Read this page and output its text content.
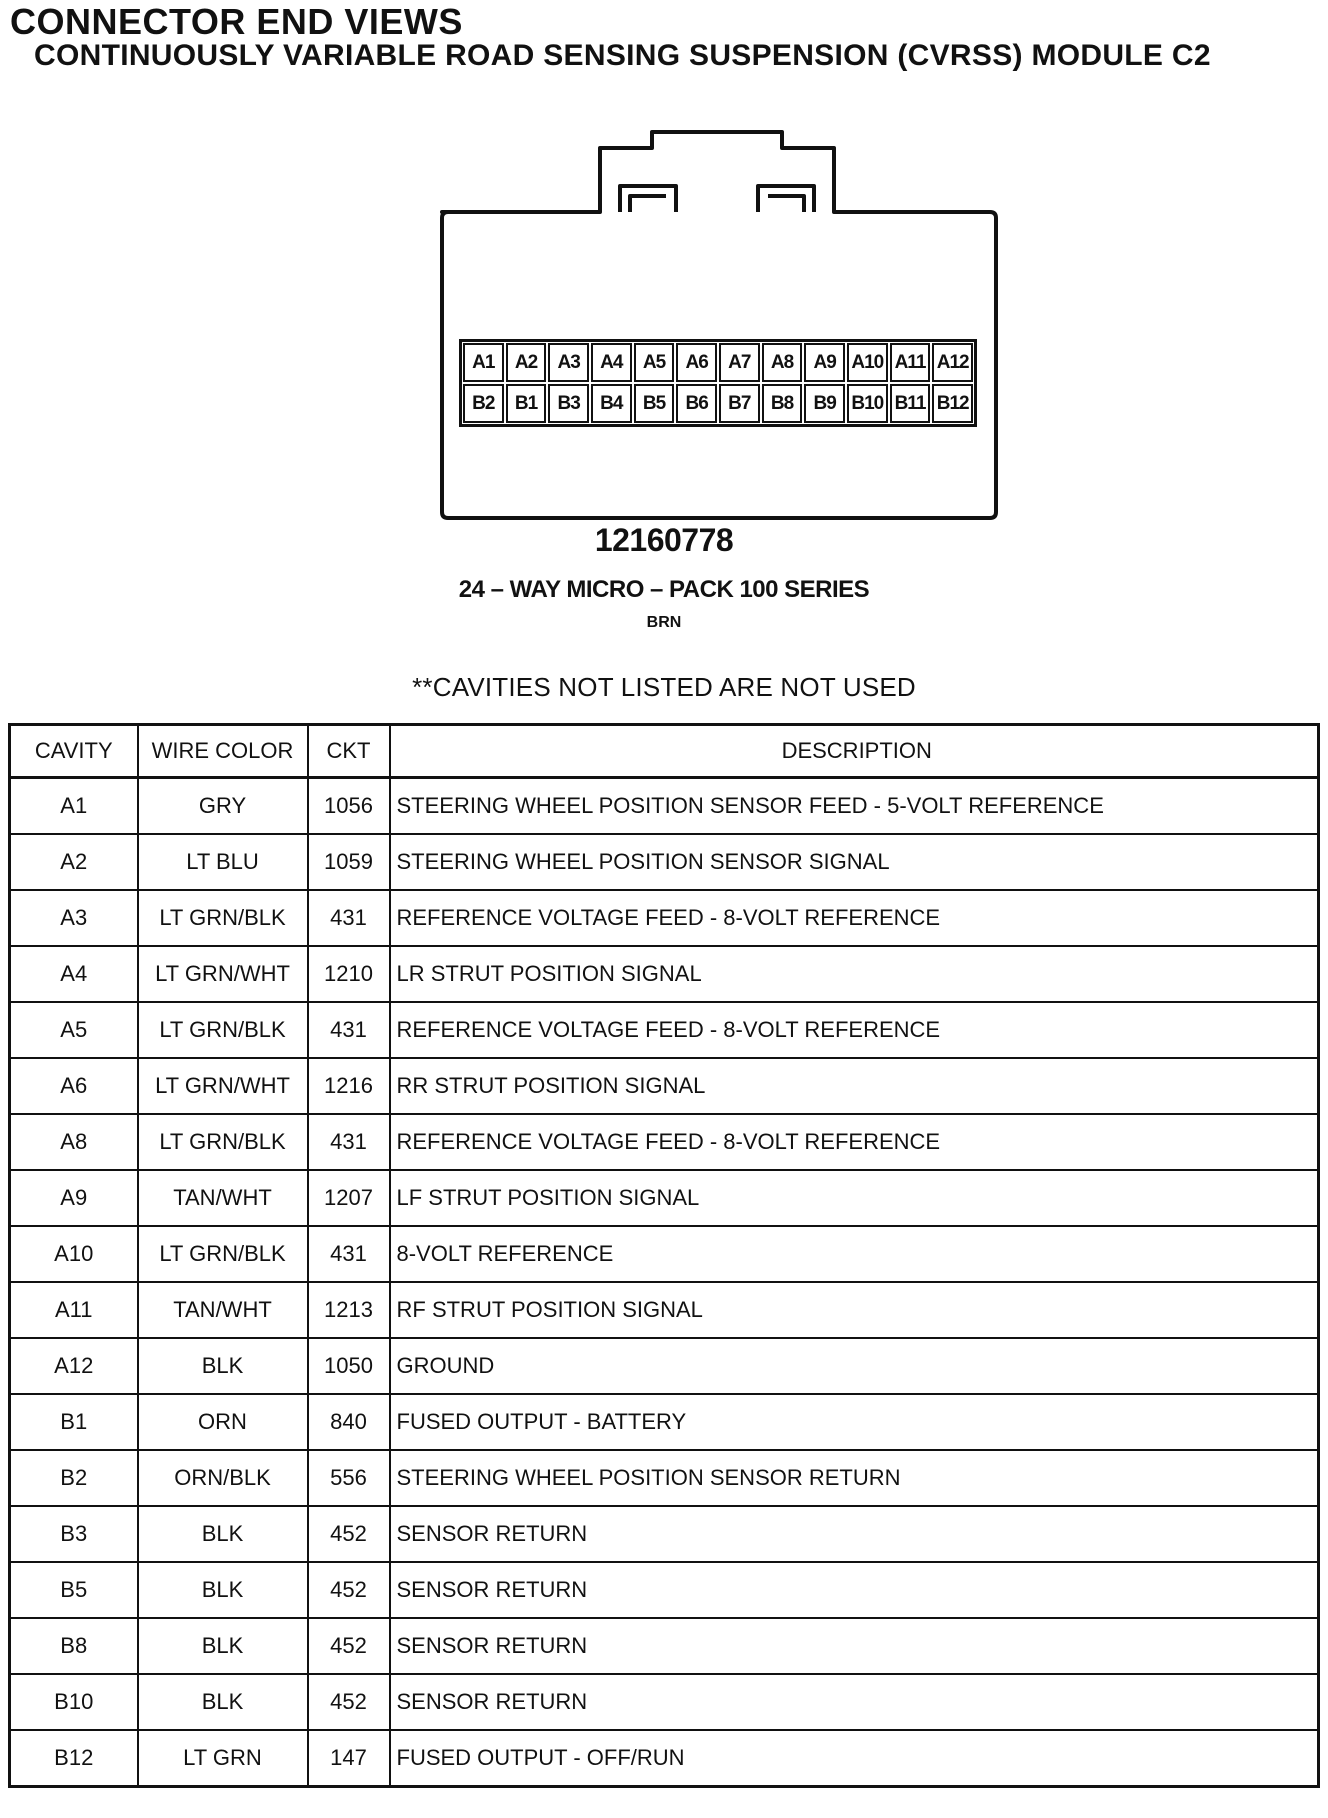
CONNECTOR END VIEWS
CONTINUOUSLY VARIABLE ROAD SENSING SUSPENSION (CVRSS) MODULE C2
A1	A2	A3	A4	A5	A6	A7	A8	A9 A10 A11 A12
B2	B1	B3	B4	B5	B6	B7	B8	B9 B10 B11 B12
12160778
24 – WAY MICRO – PACK 100 SERIES
BRN
**CAVITIES NOT LISTED ARE NOT USED
CAVITY	WIRE COLOR	CKT	DESCRIPTION
A1	GRY	1056	STEERING WHEEL POSITION SENSOR FEED - 5-VOLT REFERENCE
A2	LT BLU	1059	STEERING WHEEL POSITION SENSOR SIGNAL
A3	LT GRN/BLK	431	REFERENCE VOLTAGE FEED - 8-VOLT REFERENCE
A4	LT GRN/WHT	1210	LR STRUT POSITION SIGNAL
A5	LT GRN/BLK	431	REFERENCE VOLTAGE FEED - 8-VOLT REFERENCE
A6	LT GRN/WHT	1216	RR STRUT POSITION SIGNAL
A8	LT GRN/BLK	431	REFERENCE VOLTAGE FEED - 8-VOLT REFERENCE
A9	TAN/WHT	1207	LF STRUT POSITION SIGNAL
A10	LT GRN/BLK	431	8-VOLT REFERENCE
A11	TAN/WHT	1213	RF STRUT POSITION SIGNAL
A12	BLK	1050	GROUND
B1	ORN	840	FUSED OUTPUT - BATTERY
B2	ORN/BLK	556	STEERING WHEEL POSITION SENSOR RETURN
B3	BLK	452	SENSOR RETURN
B5	BLK	452	SENSOR RETURN
B8	BLK	452	SENSOR RETURN
B10	BLK	452	SENSOR RETURN
B12	LT GRN	147	FUSED OUTPUT - OFF/RUN
